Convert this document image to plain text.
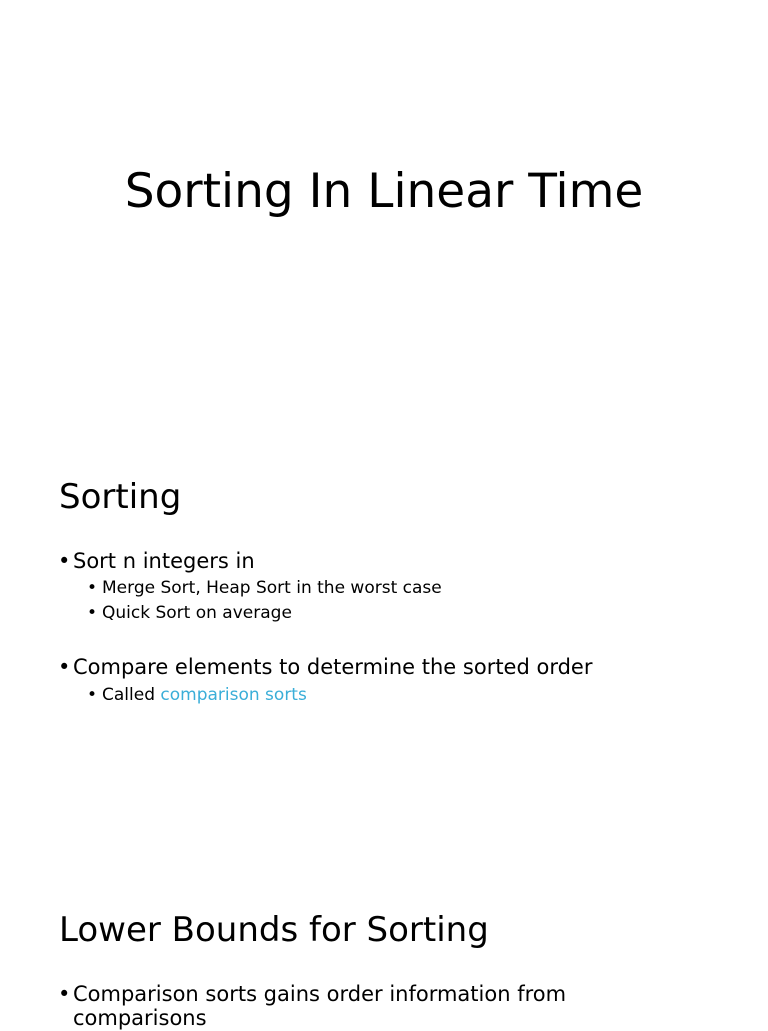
Sorting In Linear Time
Sorting
• Sort n integers in
• Merge Sort, Heap Sort in the worst case
• Quick Sort on average
• Compare elements to determine the sorted order
• Called comparison sorts
Lower Bounds for Sorting
• Comparison sorts gains order information from
comparisons
